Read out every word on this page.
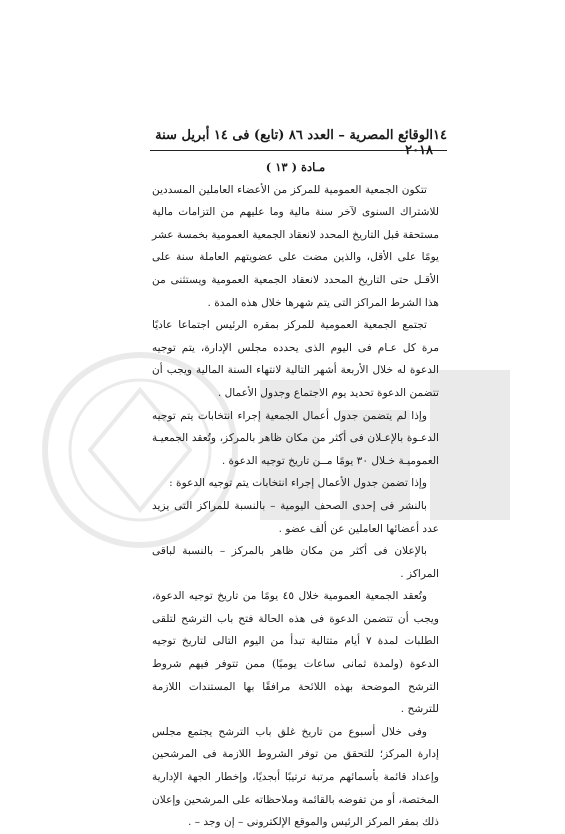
١٤
الوقائع المصرية – العدد ٨٦ (تابع) فى ١٤ أبريل سنة ٢٠١٨
مـادة ( ١٣ )

تتكون الجمعية العمومية للمركز من الأعضاء العاملين المسددين للاشتراك السنوى لآخر سنة مالية وما عليهم من التزامات مالية مستحقة قبل التاريخ المحدد لانعقاد الجمعية العمومية بخمسة عشر يومًا على الأقل، والذين مضت على عضويتهم العاملة سنة على الأقـل حتى التاريخ المحدد لانعقاد الجمعية العمومية ويستثنى من هذا الشرط المراكز التى يتم شهرها خلال هذه المدة .

تجتمع الجمعية العمومية للمركز بمقره الرئيس اجتماعا عاديًا مرة كل عـام فى اليوم الذى يحدده مجلس الإدارة، يتم توجيه الدعوة له خلال الأربعة أشهر التالية لانتهاء السنة المالية ويجب أن تتضمن الدعوة تحديد يوم الاجتماع وجدول الأعمال .

وإذا لم يتضمن جدول أعمال الجمعية إجراء انتخابات يتم توجيه الدعـوة بالإعـلان فى أكثر من مكان ظاهر بالمركز، وتُعقد الجمعيـة العموميـة خـلال ٣٠ يومًا مــن تاريخ توجيه الدعوة .

وإذا تضمن جدول الأعمال إجراء انتخابات يتم توجيه الدعوة :

بالنشر فى إحدى الصحف اليومية – بالنسبة للمراكز التى يزيد عدد أعضائها العاملين عن ألف عضو .

بالإعلان فى أكثر من مكان ظاهر بالمركز – بالنسبة لباقى المراكز .

وتُعقد الجمعية العمومية خلال ٤٥ يومًا من تاريخ توجيه الدعوة، ويجب أن تتضمن الدعوة فى هذه الحالة فتح باب الترشح لتلقى الطلبات لمدة ٧ أيام متتالية تبدأ من اليوم التالى لتاريخ توجيه الدعوة (ولمدة ثمانى ساعات يوميًا) ممن تتوفر فيهم شروط الترشح الموضحة بهذه اللائحة مرافقًا بها المستندات اللازمة للترشح .

وفى خلال أسبوع من تاريخ غلق باب الترشح يجتمع مجلس إدارة المركز؛ للتحقق من توفر الشروط اللازمة فى المرشحين وإعداد قائمة بأسمائهم مرتبة ترتيبًا أبجديًا، وإخطار الجهة الإدارية المختصة، أو من تفوضه بالقائمة وملاحظاته على المرشحين وإعلان ذلك بمقر المركز الرئيس والموقع الإلكترونى – إن وجد – .
